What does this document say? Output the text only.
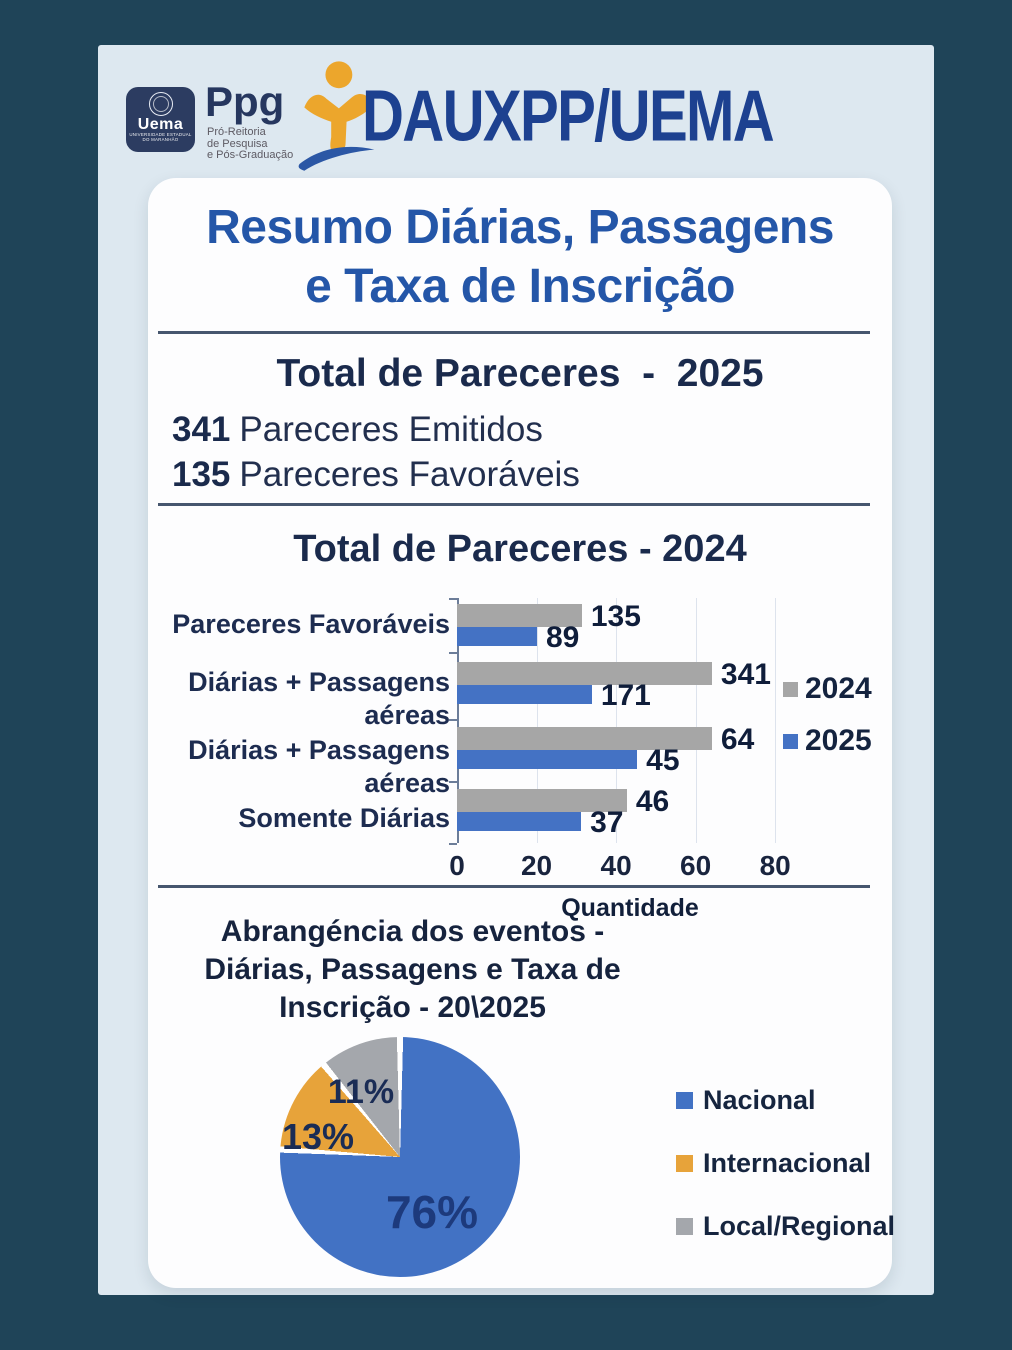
Uema
UNIVERSIDADE ESTADUAL
DO MARANHÃO
Ppg
Pró-Reitoria
de Pesquisa
e Pós-Graduação DAUXPP/UEMA
Resumo Diárias, Passagens
e Taxa de Inscrição
Total de Pareceres  -  2025
341 Pareceres Emitidos
135 Pareceres Favoráveis
Total de Pareceres - 2024
Quantidade
Abrangéncia dos eventos -
Diárias, Passagens e Taxa de
Inscrição - 20\2025
0	20	40	60	80
135
341
64
46
89
171
45
37
Pareceres Favoráveis
Diárias + Passagens
aéreas
Diárias + Passagens
aéreas
Somente Diárias
2024
2025
76%
13%
11%	Nacional
Internacional
Local/Regional
